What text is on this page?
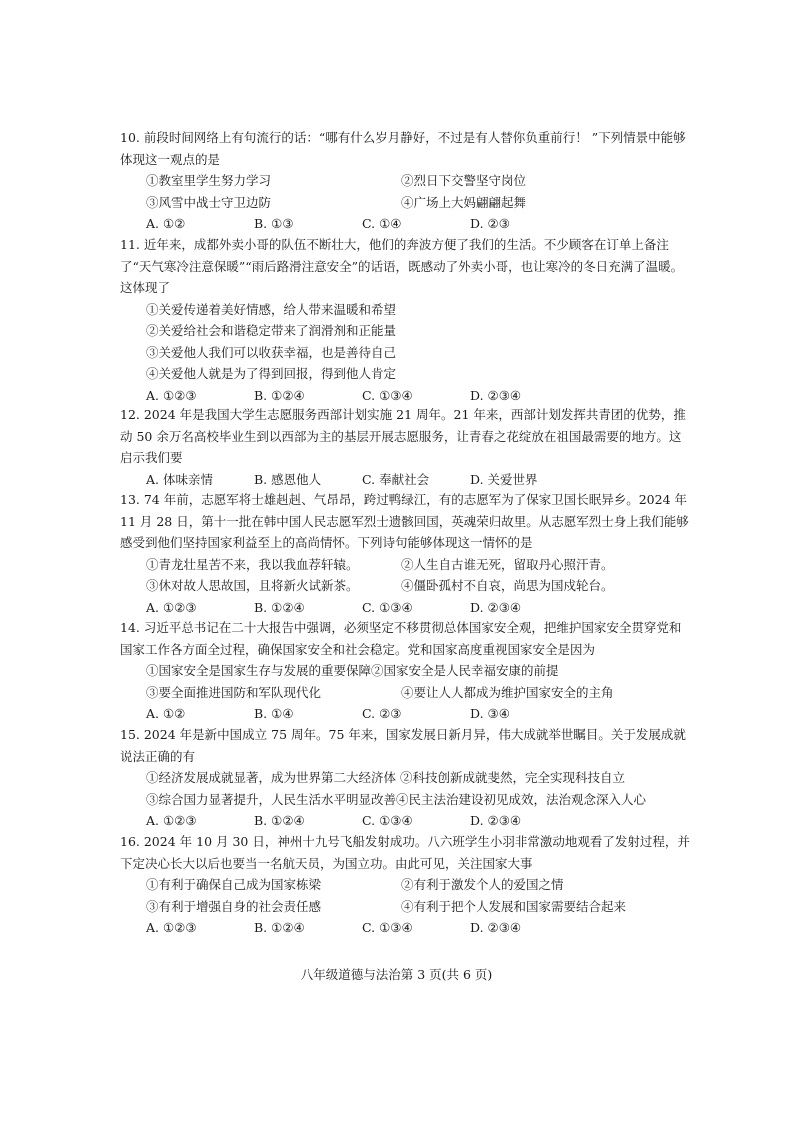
10. 前段时间网络上有句流行的话：“哪有什么岁月静好，不过是有人替你负重前行！ ”下列情景中能够体现这一观点的是

①教室里学生努力学习	②烈日下交警坚守岗位
③风雪中战士守卫边防	④广场上大妈翩翩起舞
A. ①②	B. ①③	C. ①④	D. ②③

11. 近年来，成都外卖小哥的队伍不断壮大，他们的奔波方便了我们的生活。不少顾客在订单上备注了“天气寒冷注意保暖”“雨后路滑注意安全”的话语，既感动了外卖小哥，也让寒冷的冬日充满了温暖。这体现了

①关爱传递着美好情感，给人带来温暖和希望
②关爱给社会和谐稳定带来了润滑剂和正能量
③关爱他人我们可以收获幸福，也是善待自己
④关爱他人就是为了得到回报，得到他人肯定
A. ①②③	B. ①②④	C. ①③④	D. ②③④

12. 2024 年是我国大学生志愿服务西部计划实施 21 周年。21 年来，西部计划发挥共青团的优势，推动 50 余万名高校毕业生到以西部为主的基层开展志愿服务，让青春之花绽放在祖国最需要的地方。这启示我们要

A. 体味亲情	B. 感恩他人	C. 奉献社会	D. 关爱世界

13. 74 年前，志愿军将士雄赳赳、气昂昂，跨过鸭绿江，有的志愿军为了保家卫国长眠异乡。2024 年 11 月 28 日，第十一批在韩中国人民志愿军烈士遗骸回国，英魂荣归故里。从志愿军烈士身上我们能够感受到他们坚持国家利益至上的高尚情怀。下列诗句能够体现这一情怀的是

①青龙壮星苦不来，我以我血荐轩辕。	②人生自古谁无死，留取丹心照汗青。
③休对故人思故国，且将新火试新茶。	④僵卧孤村不自哀，尚思为国戍轮台。
A. ①②③	B. ①②④	C. ①③④	D. ②③④

14. 习近平总书记在二十大报告中强调，必须坚定不移贯彻总体国家安全观，把维护国家安全贯穿党和国家工作各方面全过程，确保国家安全和社会稳定。党和国家高度重视国家安全是因为

①国家安全是国家生存与发展的重要保障②国家安全是人民幸福安康的前提
③要全面推进国防和军队现代化	④要让人人都成为维护国家安全的主角
A. ①②	B. ①④	C. ②③	D. ③④

15. 2024 年是新中国成立 75 周年。75 年来，国家发展日新月异，伟大成就举世瞩目。关于发展成就说法正确的有

①经济发展成就显著，成为世界第二大经济体 ②科技创新成就斐然，完全实现科技自立
③综合国力显著提升，人民生活水平明显改善④民主法治建设初见成效，法治观念深入人心
A. ①②③	B. ①②④	C. ①③④	D. ②③④

16. 2024 年 10 月 30 日，神州十九号飞船发射成功。八六班学生小羽非常激动地观看了发射过程，并下定决心长大以后也要当一名航天员，为国立功。由此可见，关注国家大事

①有利于确保自己成为国家栋梁	②有利于激发个人的爱国之情
③有利于增强自身的社会责任感	④有利于把个人发展和国家需要结合起来
A. ①②③	B. ①②④	C. ①③④	D. ②③④
八年级道德与法治第 3 页(共 6 页)
